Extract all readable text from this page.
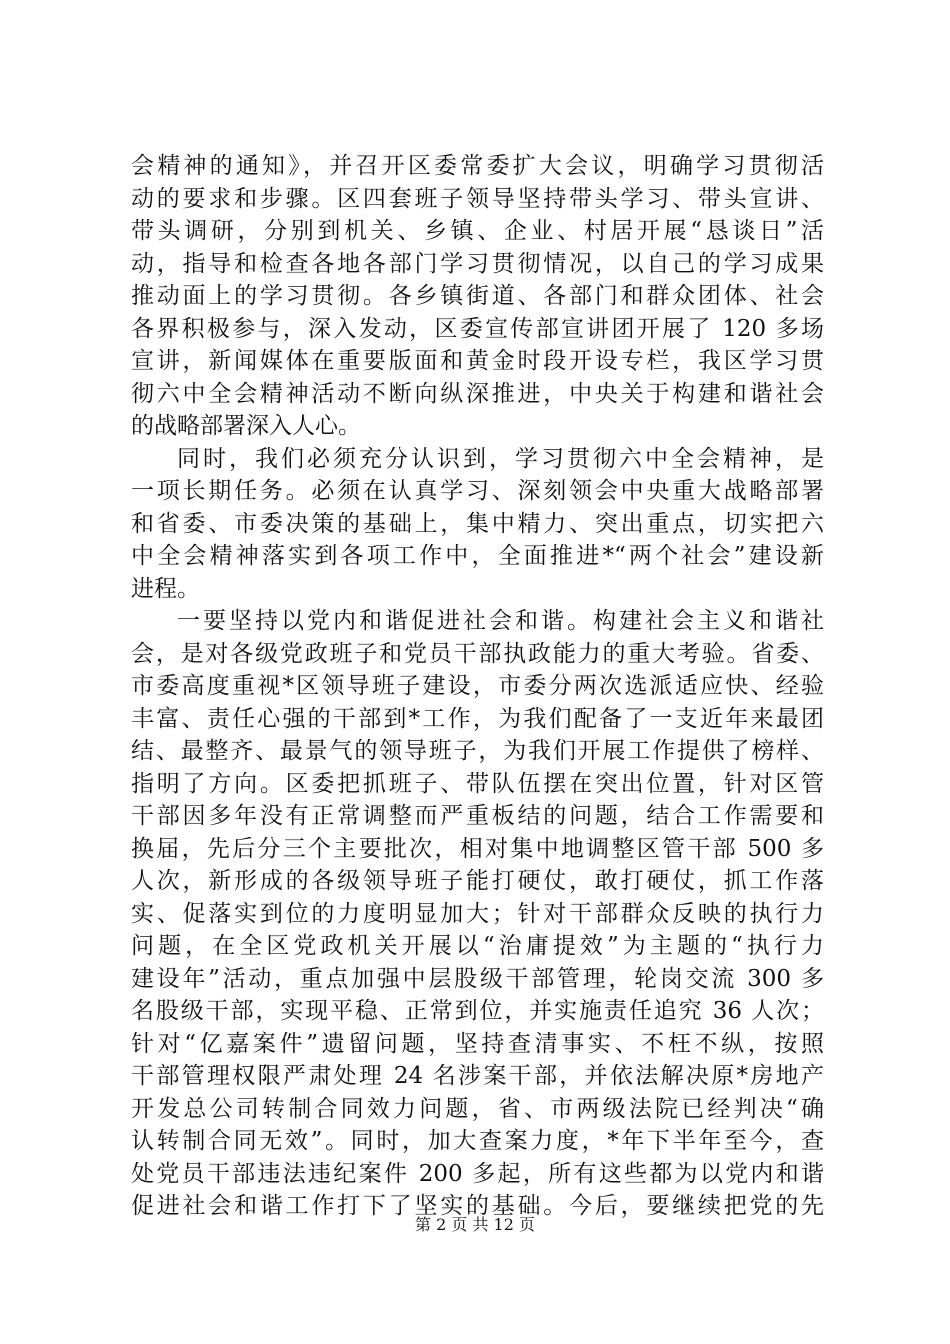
会精神的通知》，并召开区委常委扩大会议，明确学习贯彻活
动的要求和步骤。区四套班子领导坚持带头学习、带头宣讲、
带头调研，分别到机关、乡镇、企业、村居开展“恳谈日”活
动，指导和检查各地各部门学习贯彻情况，以自己的学习成果
推动面上的学习贯彻。各乡镇街道、各部门和群众团体、社会
各界积极参与，深入发动，区委宣传部宣讲团开展了 120 多场
宣讲，新闻媒体在重要版面和黄金时段开设专栏，我区学习贯
彻六中全会精神活动不断向纵深推进，中央关于构建和谐社会
的战略部署深入人心。
同时，我们必须充分认识到，学习贯彻六中全会精神，是
一项长期任务。必须在认真学习、深刻领会中央重大战略部署
和省委、市委决策的基础上，集中精力、突出重点，切实把六
中全会精神落实到各项工作中，全面推进*“两个社会”建设新
进程。
一要坚持以党内和谐促进社会和谐。构建社会主义和谐社
会，是对各级党政班子和党员干部执政能力的重大考验。省委、
市委高度重视*区领导班子建设，市委分两次选派适应快、经验
丰富、责任心强的干部到*工作，为我们配备了一支近年来最团
结、最整齐、最景气的领导班子，为我们开展工作提供了榜样、
指明了方向。区委把抓班子、带队伍摆在突出位置，针对区管
干部因多年没有正常调整而严重板结的问题，结合工作需要和
换届，先后分三个主要批次，相对集中地调整区管干部 500 多
人次，新形成的各级领导班子能打硬仗，敢打硬仗，抓工作落
实、促落实到位的力度明显加大；针对干部群众反映的执行力
问题，在全区党政机关开展以“治庸提效”为主题的“执行力
建设年”活动，重点加强中层股级干部管理，轮岗交流 300 多
名股级干部，实现平稳、正常到位，并实施责任追究 36 人次；
针对“亿嘉案件”遗留问题，坚持查清事实、不枉不纵，按照
干部管理权限严肃处理 24 名涉案干部，并依法解决原*房地产
开发总公司转制合同效力问题，省、市两级法院已经判决“确
认转制合同无效”。同时，加大查案力度，*年下半年至今，查
处党员干部违法违纪案件 200 多起，所有这些都为以党内和谐
促进社会和谐工作打下了坚实的基础。今后，要继续把党的先
第 2 页 共 12 页
